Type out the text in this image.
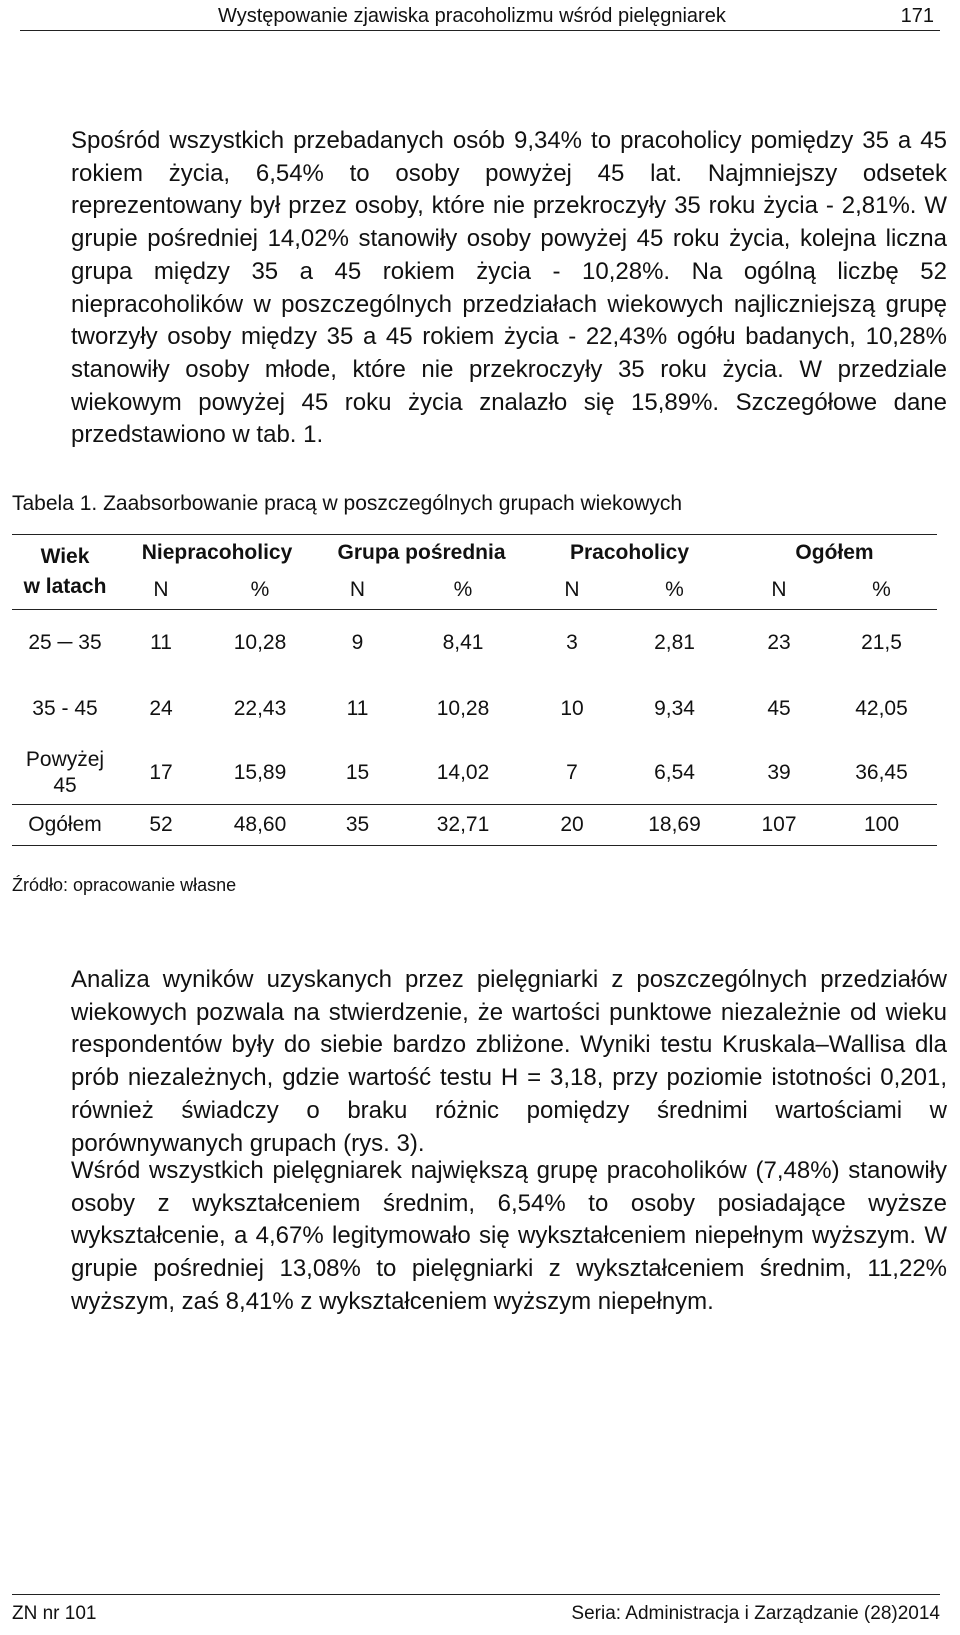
Występowanie zjawiska pracoholizmu wśród pielęgniarek	171

Spośród wszystkich przebadanych osób 9,34% to pracoholicy pomiędzy 35 a 45 rokiem życia, 6,54% to osoby powyżej 45 lat. Najmniejszy odsetek reprezentowany był przez osoby, które nie przekroczyły 35 roku życia - 2,81%. W grupie pośredniej 14,02% stanowiły osoby powyżej 45 roku życia, kolejna liczna grupa między 35 a 45 rokiem życia - 10,28%. Na ogólną liczbę 52 niepracoholików w poszczególnych przedziałach wiekowych najliczniejszą grupę tworzyły osoby między 35 a 45 rokiem życia - 22,43% ogółu badanych, 10,28% stanowiły osoby młode, które nie przekroczyły 35 roku życia. W przedziale wiekowym powyżej 45 roku życia znalazło się 15,89%. Szczegółowe dane przedstawiono w tab. 1.

Tabela 1. Zaabsorbowanie pracą w poszczególnych grupach wiekowych
Wiek
w latach	Niepracoholicy		Grupa pośrednia		Pracoholicy		Ogółem	
	N	%	N	%	N	%	N	%
25 ─ 35	11	10,28	9	8,41	3	2,81	23	21,5
35 - 45	24	22,43	11	10,28	10	9,34	45	42,05
Powyżej
45	17	15,89	15	14,02	7	6,54	39	36,45
Ogółem	52	48,60	35	32,71	20	18,69	107	100
Źródło: opracowanie własne

Analiza wyników uzyskanych przez pielęgniarki z poszczególnych przedziałów wiekowych pozwala na stwierdzenie, że wartości punktowe niezależnie od wieku respondentów były do siebie bardzo zbliżone. Wyniki testu Kruskala–Wallisa dla prób niezależnych, gdzie wartość testu H = 3,18, przy poziomie istotności 0,201, również świadczy o braku różnic pomiędzy średnimi wartościami w porównywanych grupach (rys. 3).

Wśród wszystkich pielęgniarek największą grupę pracoholików (7,48%) stanowiły osoby z wykształceniem średnim, 6,54% to osoby posiadające wyższe wykształcenie, a 4,67% legitymowało się wykształceniem niepełnym wyższym. W grupie pośredniej 13,08% to pielęgniarki z wykształceniem średnim, 11,22% wyższym, zaś 8,41% z wykształceniem wyższym niepełnym.

ZN nr 101	Seria: Administracja i Zarządzanie (28)2014
